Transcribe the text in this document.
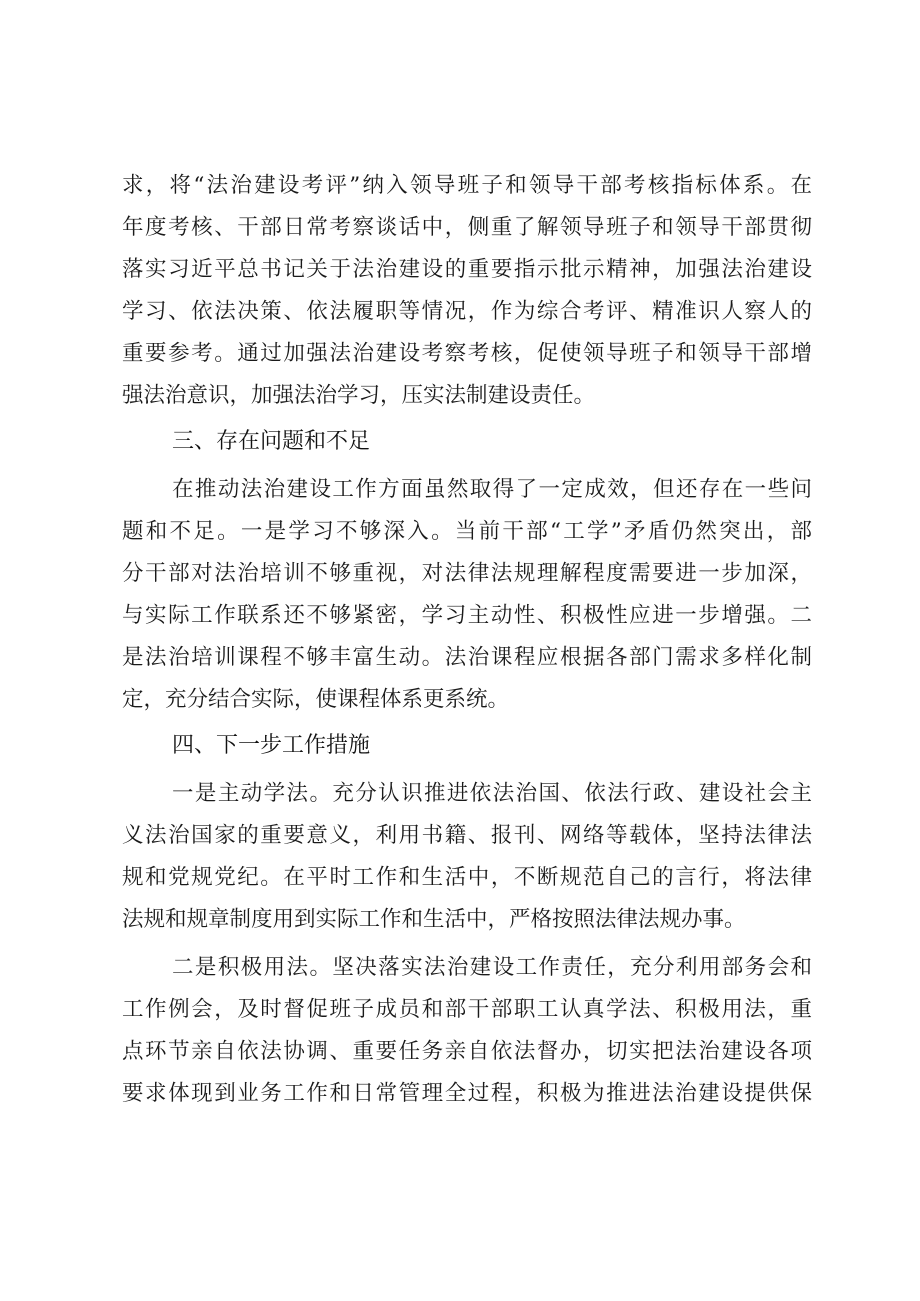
求，将“法治建设考评”纳入领导班子和领导干部考核指标体系。在
年度考核、干部日常考察谈话中，侧重了解领导班子和领导干部贯彻
落实习近平总书记关于法治建设的重要指示批示精神，加强法治建设
学习、依法决策、依法履职等情况，作为综合考评、精准识人察人的
重要参考。通过加强法治建设考察考核，促使领导班子和领导干部增
强法治意识，加强法治学习，压实法制建设责任。
三、存在问题和不足
在推动法治建设工作方面虽然取得了一定成效，但还存在一些问
题和不足。一是学习不够深入。当前干部“工学”矛盾仍然突出，部
分干部对法治培训不够重视，对法律法规理解程度需要进一步加深，
与实际工作联系还不够紧密，学习主动性、积极性应进一步增强。二
是法治培训课程不够丰富生动。法治课程应根据各部门需求多样化制
定，充分结合实际，使课程体系更系统。
四、下一步工作措施
一是主动学法。充分认识推进依法治国、依法行政、建设社会主
义法治国家的重要意义，利用书籍、报刊、网络等载体，坚持法律法
规和党规党纪。在平时工作和生活中，不断规范自己的言行，将法律
法规和规章制度用到实际工作和生活中，严格按照法律法规办事。
二是积极用法。坚决落实法治建设工作责任，充分利用部务会和
工作例会，及时督促班子成员和部干部职工认真学法、积极用法，重
点环节亲自依法协调、重要任务亲自依法督办，切实把法治建设各项
要求体现到业务工作和日常管理全过程，积极为推进法治建设提供保
